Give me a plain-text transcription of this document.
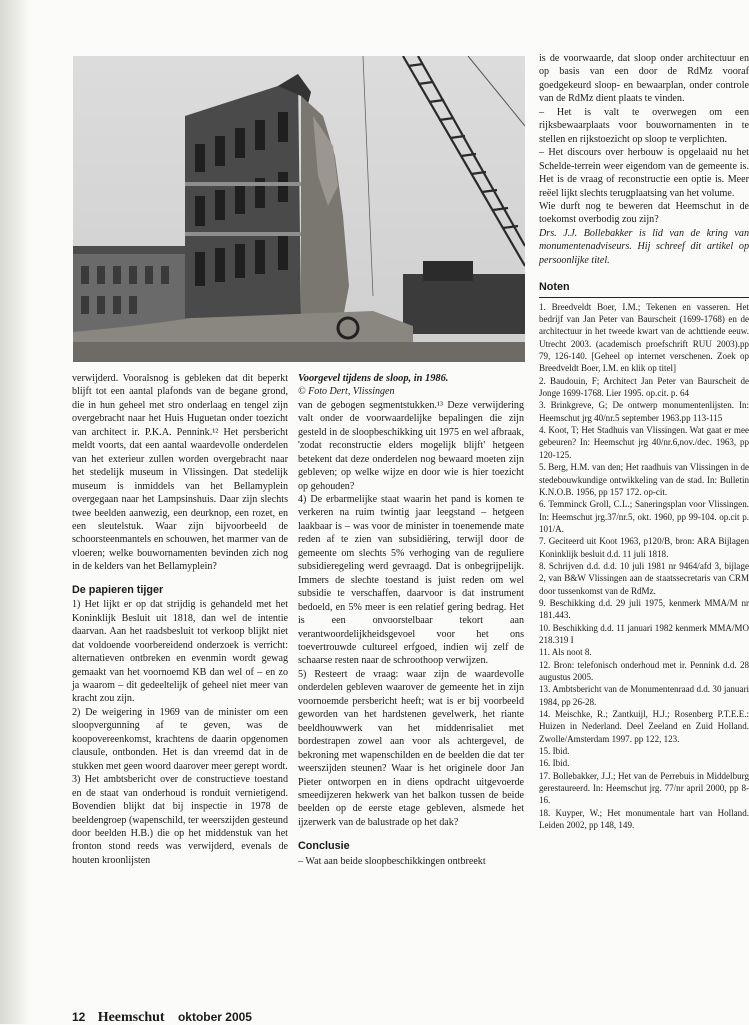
verwijderd. Vooralsnog is gebleken dat dit beperkt blijft tot een aantal plafonds van de begane grond, die in hun geheel met stro onderlaag en tengel zijn overgebracht naar het Huis Huguetan onder toezicht van architect ir. P.K.A. Pennink.¹² Het persbericht meldt voorts, dat een aantal waardevolle onderdelen van het exterieur zullen worden overgebracht naar het stedelijk museum in Vlissingen. Dat stedelijk museum is inmiddels van het Bellamyplein overgegaan naar het Lampsinshuis. Daar zijn slechts twee beelden aanwezig, een deurknop, een rozet, en een sleutelstuk. Waar zijn bijvoorbeeld de schoorsteenmantels en schouwen, het marmer van de vloeren; welke bouwornamenten bevinden zich nog in de kelders van het Bellamyplein?

De papieren tijger

1) Het lijkt er op dat strijdig is gehandeld met het Koninklijk Besluit uit 1818, dan wel de intentie daarvan. Aan het raadsbesluit tot verkoop blijkt niet dat voldoende voorbereidend onderzoek is verricht: alternatieven ontbreken en evenmin wordt gewag gemaakt van het voornoemd KB dan wel of – en zo ja waarom – dit gedeeltelijk of geheel niet meer van kracht zou zijn.

2) De weigering in 1969 van de minister om een sloopvergunning af te geven, was de koopovereenkomst, krachtens de daarin opgenomen clausule, ontbonden. Het is dan vreemd dat in de stukken met geen woord daarover meer gerept wordt.

3) Het ambtsbericht over de constructieve toestand en de staat van onderhoud is ronduit vernietigend. Bovendien blijkt dat bij inspectie in 1978 de beeldengroep (wapenschild, ter weerszijden gesteund door beelden H.B.) die op het middenstuk van het fronton stond reeds was verwijderd, evenals de houten kroonlijsten

Voorgevel tijdens de sloop, in 1986.

© Foto Dert, Vlissingen

van de gebogen segmentstukken.¹³ Deze verwijdering valt onder de voorwaardelijke bepalingen die zijn gesteld in de sloopbeschikking uit 1975 en wel afbraak, 'zodat reconstructie elders mogelijk blijft' hetgeen betekent dat deze onderdelen nog bewaard moeten zijn gebleven; op welke wijze en door wie is hier toezicht op gehouden?

4) De erbarmelijke staat waarin het pand is komen te verkeren na ruim twintig jaar leegstand – hetgeen laakbaar is – was voor de minister in toenemende mate reden af te zien van subsidiëring, terwijl door de gemeente om slechts 5% verhoging van de reguliere subsidieregeling werd gevraagd. Dat is onbegrijpelijk. Immers de slechte toestand is juist reden om wel subsidie te verschaffen, daarvoor is dat instrument bedoeld, en 5% meer is een relatief gering bedrag. Het is een onvoorstelbaar tekort aan verantwoordelijkheidsgevoel voor het ons toevertrouwde cultureel erfgoed, indien wij zelf de schaarse resten naar de schroothoop verwijzen.

5) Resteert de vraag: waar zijn de waardevolle onderdelen gebleven waarover de gemeente het in zijn voornoemde persbericht heeft; wat is er bij voorbeeld geworden van het hardstenen gevelwerk, het riante beeldhouwwerk van het middenrisaliet met bordestrapen zowel aan voor als achtergevel, de bekroning met wapenschilden en de beelden die dat ter weerszijden steunen? Waar is het originele door Jan Pieter ontworpen en in diens opdracht uitgevoerde smeedijzeren hekwerk van het balkon tussen de beide beelden op de eerste etage gebleven, alsmede het ijzerwerk van de balustrade op het dak?

Conclusie

– Wat aan beide sloopbeschikkingen ontbreekt

is de voorwaarde, dat sloop onder architectuur en op basis van een door de RdMz vooraf goedgekeurd sloop- en bewaarplan, onder controle van de RdMz dient plaats te vinden.

– Het is valt te overwegen om een rijksbewaarplaats voor bouwornamenten in te stellen en rijkstoezicht op sloop te verplichten.

– Het discours over herbouw is opgelaaid nu het Schelde-terrein weer eigendom van de gemeente is. Het is de vraag of reconstructie een optie is. Meer reëel lijkt slechts terugplaatsing van het volume.

Wie durft nog te beweren dat Heemschut in de toekomst overbodig zou zijn?

Drs. J.J. Bollebakker is lid van de kring van monumentenadviseurs. Hij schreef dit artikel op persoonlijke titel.

Noten
1. Breedveldt Boer, I.M.; Tekenen en vasseren. Het bedrijf van Jan Peter van Baurscheit (1699-1768) en de architectuur in het tweede kwart van de achttiende eeuw. Utrecht 2003. (academisch proefschrift RUU 2003).pp 79, 126-140. [Geheel op internet verschenen. Zoek op Breedveldt Boer, I.M. en klik op titel]
2. Baudouin, F; Architect Jan Peter van Baurscheit de Jonge 1699-1768. Lier 1995. op.cit. p. 64
3. Brinkgreve, G; De ontwerp monumentenlijsten. In: Heemschut jrg 40/nr.5 september 1963.pp 113-115
4. Koot, T; Het Stadhuis van Vlissingen. Wat gaat er mee gebeuren? In: Heemschut jrg 40/nr.6,nov./dec. 1963, pp 120-125.
5. Berg, H.M. van den; Het raadhuis van Vlissingen in de stedebouwkundige ontwikkeling van de stad. In: Bulletin K.N.O.B. 1956, pp 157 172. op-cit.
6. Temminck Groll, C.L.; Saneringsplan voor Vlissingen. In: Heemschut jrg.37/nr.5, okt. 1960, pp 99-104. op.cit p. 101/A.
7. Geciteerd uit Koot 1963, p120/B, bron: ARA Bijlagen Koninklijk besluit d.d. 11 juli 1818.
8. Schrijven d.d. d.d. 10 juli 1981 nr 9464/afd 3, bijlage 2, van B&W Vlissingen aan de staatssecretaris van CRM door tussenkomst van de RdMz.
9. Beschikking d.d. 29 juli 1975, kenmerk MMA/M nr 181.443.
10. Beschikking d.d. 11 januari 1982 kenmerk MMA/MO 218.319 I
11. Als noot 8.
12. Bron: telefonisch onderhoud met ir. Pennink d.d. 28 augustus 2005.
13. Ambtsbericht van de Monumentenraad d.d. 30 januari 1984, pp 26-28.
14. Meischke, R.; Zantkuijl, H.J.; Rosenberg P.T.E.E.: Huizen in Nederland. Deel Zeeland en Zuid Holland. Zwolle/Amsterdam 1997. pp 122, 123.
15. Ibid.
16. Ibid.
17. Bollebakker, J.J.; Het van de Perrebuis in Middelburg gerestaureerd. In: Heemschut jrg. 77/nr april 2000, pp 8-16.
18. Kuyper, W.; Het monumentale hart van Holland. Leiden 2002, pp 148, 149.
12 Heemschut oktober 2005
